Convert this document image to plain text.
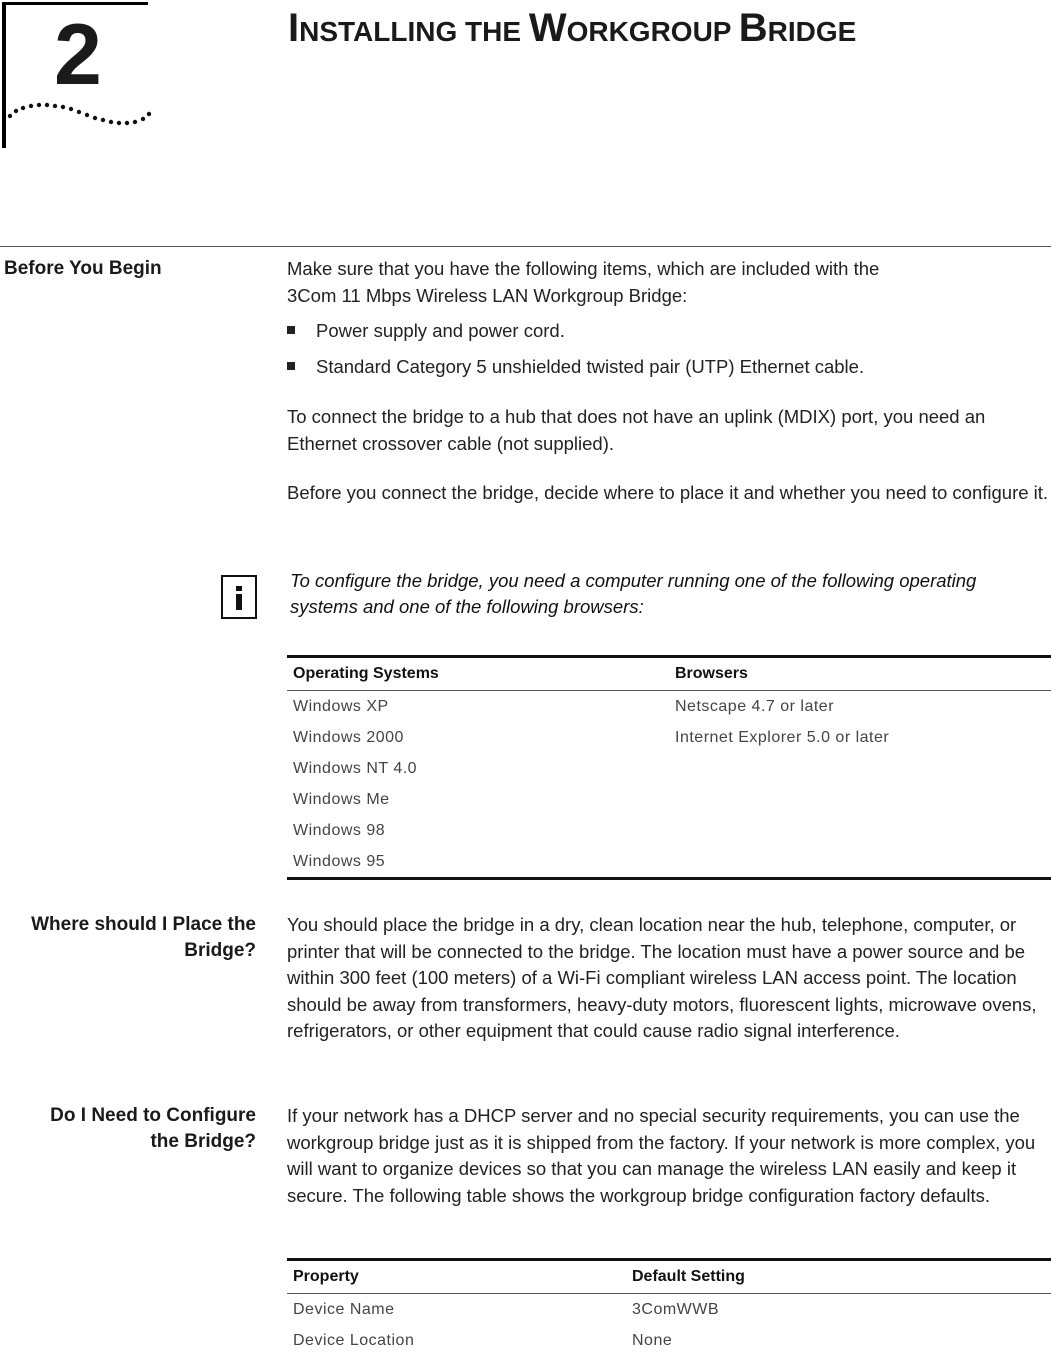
2	INSTALLING THE WORKGROUP BRIDGE
Before You Begin	Make sure that you have the following items, which are included with the

3Com 11 Mbps Wireless LAN Workgroup Bridge:

Power supply and power cord.
Standard Category 5 unshielded twisted pair (UTP) Ethernet cable.

To connect the bridge to a hub that does not have an uplink (MDIX) port, you need an Ethernet crossover cable (not supplied).

Before you connect the bridge, decide where to place it and whether you need to configure it.

To configure the bridge, you need a computer running one of the following operating systems and one of the following browsers:

Operating Systems	Browsers
Windows XP	Netscape 4.7 or later
Windows 2000	Internet Explorer 5.0 or later
Windows NT 4.0	
Windows Me	
Windows 98	
Windows 95	
Where should I Place the
Bridge?

You should place the bridge in a dry, clean location near the hub, telephone, computer, or printer that will be connected to the bridge. The location must have a power source and be within 300 feet (100 meters) of a Wi-Fi compliant wireless LAN access point. The location should be away from transformers, heavy-duty motors, fluorescent lights, microwave ovens, refrigerators, or other equipment that could cause radio signal interference.

Do I Need to Configure
the Bridge?

If your network has a DHCP server and no special security requirements, you can use the workgroup bridge just as it is shipped from the factory. If your network is more complex, you will want to organize devices so that you can manage the wireless LAN easily and keep it secure. The following table shows the workgroup bridge configuration factory defaults.

Property	Default Setting
Device Name	3ComWWB
Device Location	None
